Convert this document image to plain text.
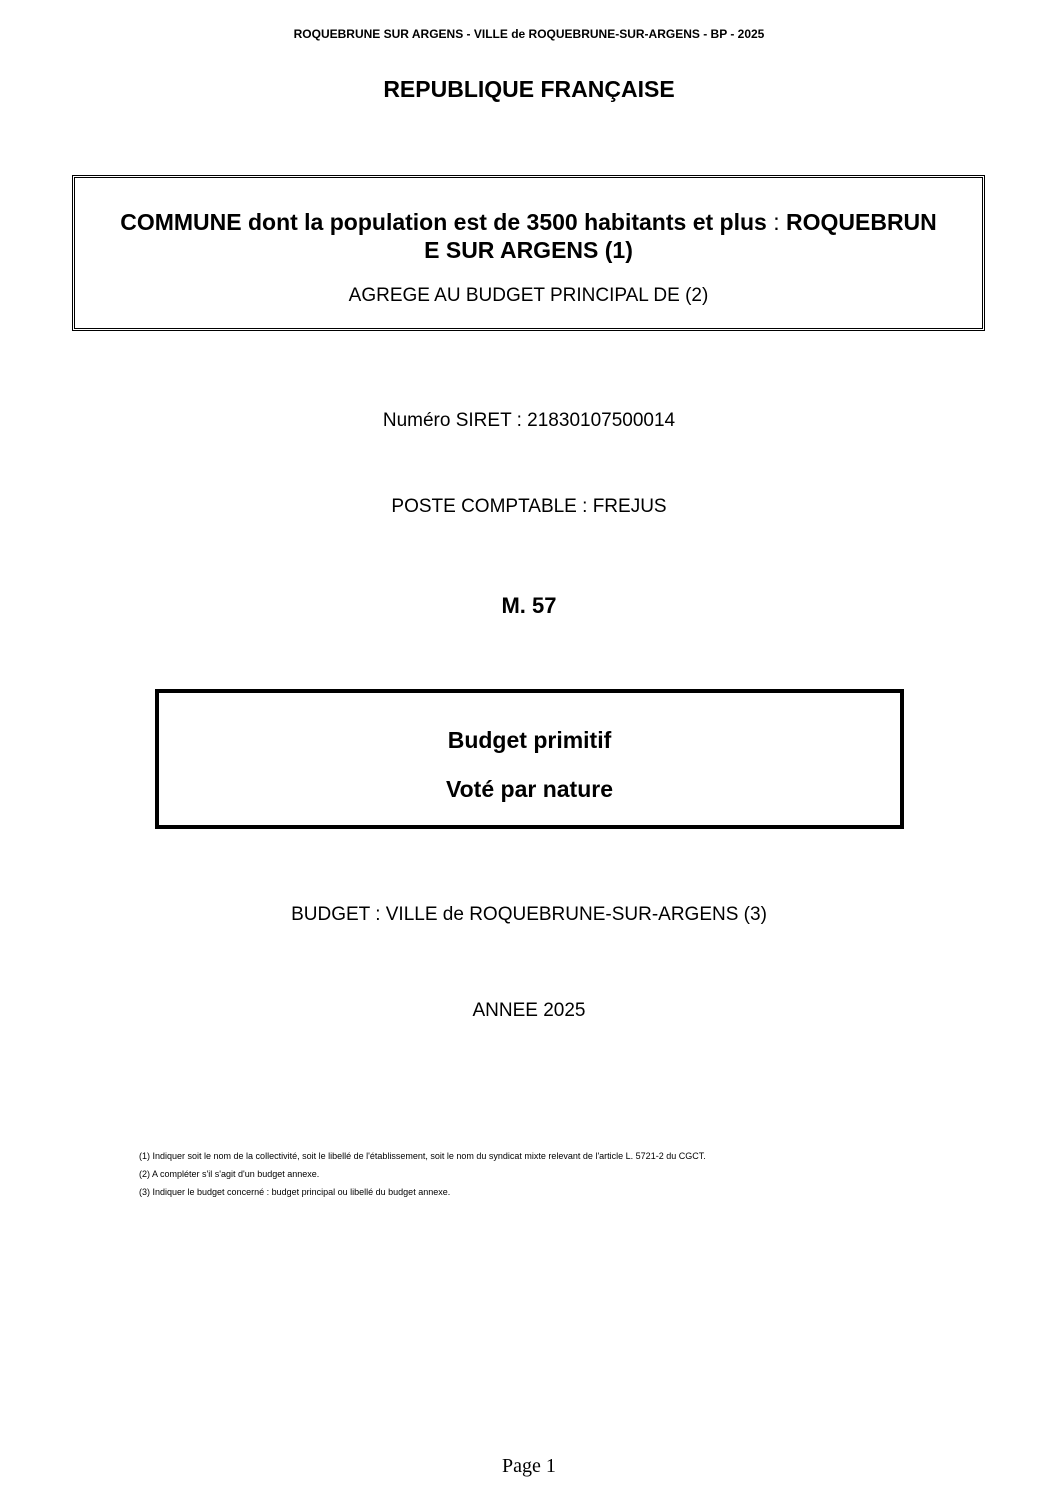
ROQUEBRUNE SUR ARGENS - VILLE de ROQUEBRUNE-SUR-ARGENS - BP - 2025
REPUBLIQUE FRANÇAISE
COMMUNE dont la population est de 3500 habitants et plus : ROQUEBRUN
E SUR ARGENS (1)
AGREGE AU BUDGET PRINCIPAL DE (2)
Numéro SIRET : 21830107500014
POSTE COMPTABLE : FREJUS
M. 57
Budget primitif
Voté par nature
BUDGET : VILLE de ROQUEBRUNE-SUR-ARGENS (3)
ANNEE 2025
(1) Indiquer soit le nom de la collectivité, soit le libellé de l'établissement, soit le nom du syndicat mixte relevant de l'article L. 5721-2 du CGCT.
(2) A compléter s'il s'agit d'un budget annexe.
(3) Indiquer le budget concerné : budget principal ou libellé du budget annexe.
Page 1
